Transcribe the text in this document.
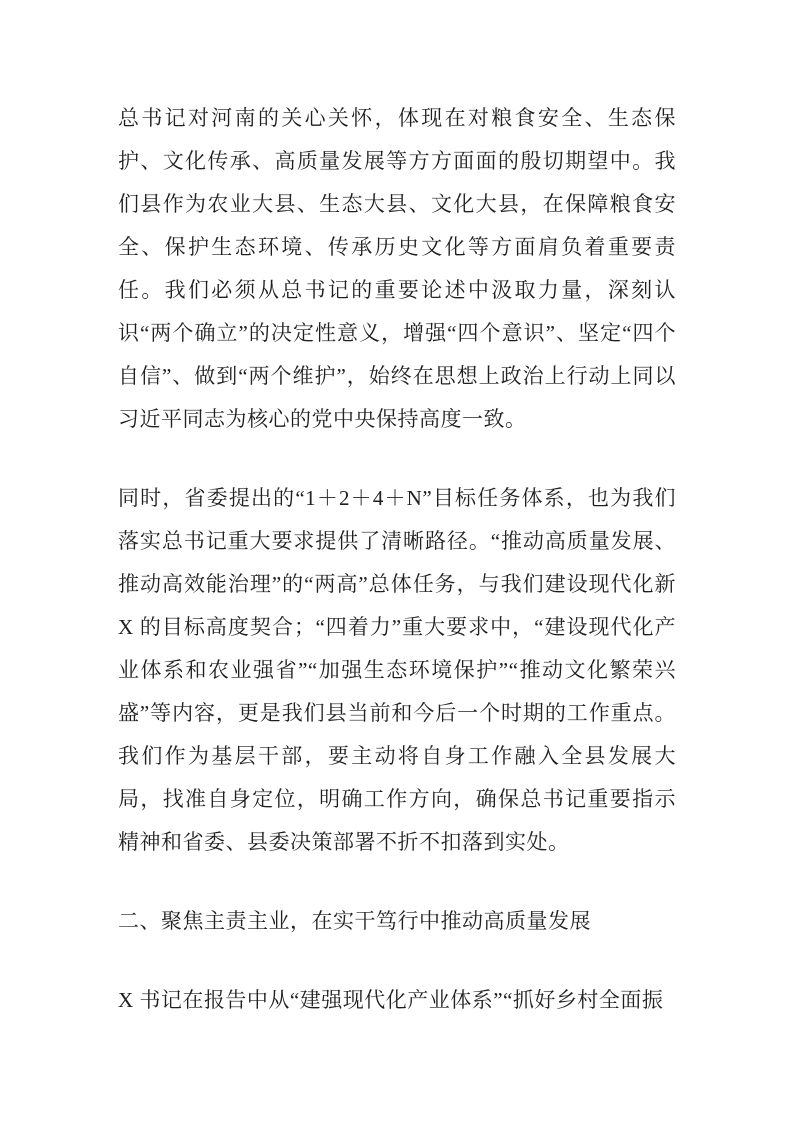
总书记对河南的关心关怀，体现在对粮食安全、生态保护、文化传承、高质量发展等方方面面的殷切期望中。我们县作为农业大县、生态大县、文化大县，在保障粮食安全、保护生态环境、传承历史文化等方面肩负着重要责任。我们必须从总书记的重要论述中汲取力量，深刻认识“两个确立”的决定性意义，增强“四个意识”、坚定“四个自信”、做到“两个维护”，始终在思想上政治上行动上同以习近平同志为核心的党中央保持高度一致。

同时，省委提出的“1＋2＋4＋N”目标任务体系，也为我们落实总书记重大要求提供了清晰路径。“推动高质量发展、推动高效能治理”的“两高”总体任务，与我们建设现代化新 X 的目标高度契合；“四着力”重大要求中，“建设现代化产业体系和农业强省”“加强生态环境保护”“推动文化繁荣兴盛”等内容，更是我们县当前和今后一个时期的工作重点。我们作为基层干部，要主动将自身工作融入全县发展大局，找准自身定位，明确工作方向，确保总书记重要指示精神和省委、县委决策部署不折不扣落到实处。

二、聚焦主责主业，在实干笃行中推动高质量发展

X 书记在报告中从“建强现代化产业体系”“抓好乡村全面振
